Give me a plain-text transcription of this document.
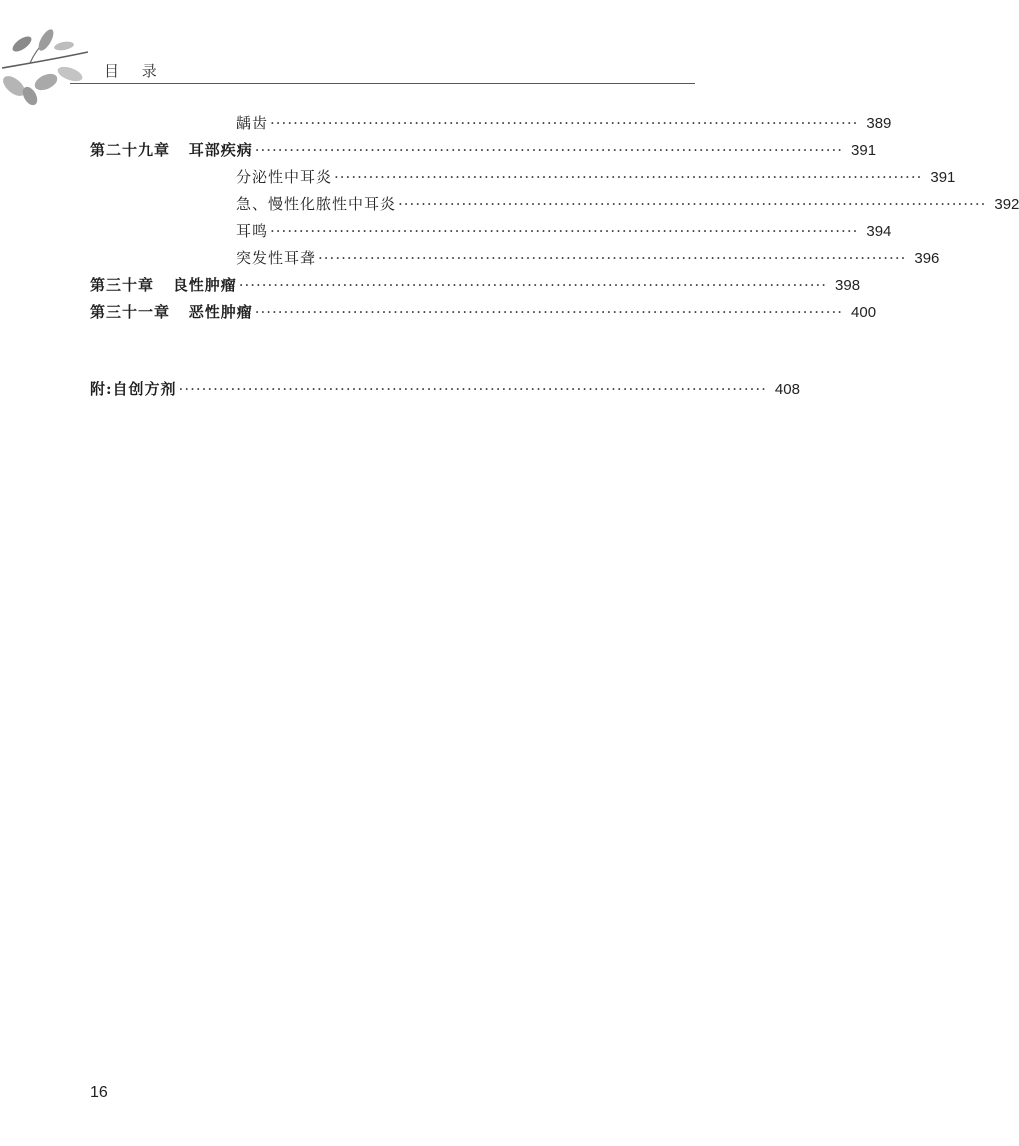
目 录
龋齿 ······································································································ 389
第二十九章 耳部疾病 ······································································································ 391
分泌性中耳炎 ······································································································ 391
急、慢性化脓性中耳炎 ······································································································ 392
耳鸣 ······································································································ 394
突发性耳聋 ······································································································ 396
第三十章 良性肿瘤 ······································································································ 398
第三十一章 恶性肿瘤 ······································································································ 400
附:自创方剂 ······································································································ 408
16
